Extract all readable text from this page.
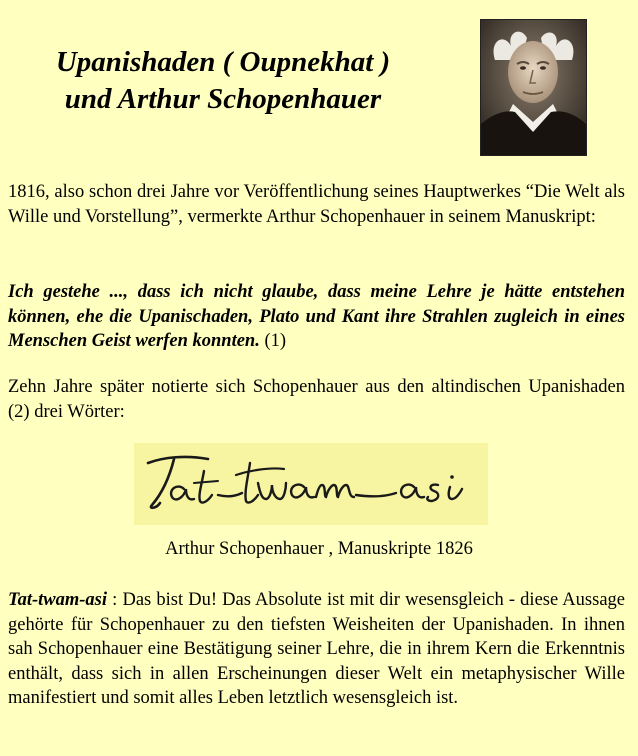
Upanishaden ( Oupnekhat )
und Arthur Schopenhauer

1816, also schon drei Jahre vor Veröffentlichung seines Hauptwerkes “Die Welt als Wille und Vorstellung”, vermerkte Arthur Schopenhauer in seinem Manuskript:

Ich gestehe ..., dass ich nicht glaube, dass meine Lehre je hätte entstehen können, ehe die Upanischaden, Plato und Kant ihre Strahlen zugleich in eines Menschen Geist werfen konnten. (1)

Zehn Jahre später notierte sich Schopenhauer aus den altindischen Upanishaden (2) drei Wörter:

Arthur Schopenhauer , Manuskripte 1826

Tat-twam-asi : Das bist Du! Das Absolute ist mit dir wesensgleich - diese Aussage gehörte für Schopenhauer zu den tiefsten Weisheiten der Upanishaden. In ihnen sah Schopenhauer eine Bestätigung seiner Lehre, die in ihrem Kern die Erkenntnis enthält, dass sich in allen Erscheinungen dieser Welt ein metaphysischer Wille manifestiert und somit alles Leben letztlich wesensgleich ist.
